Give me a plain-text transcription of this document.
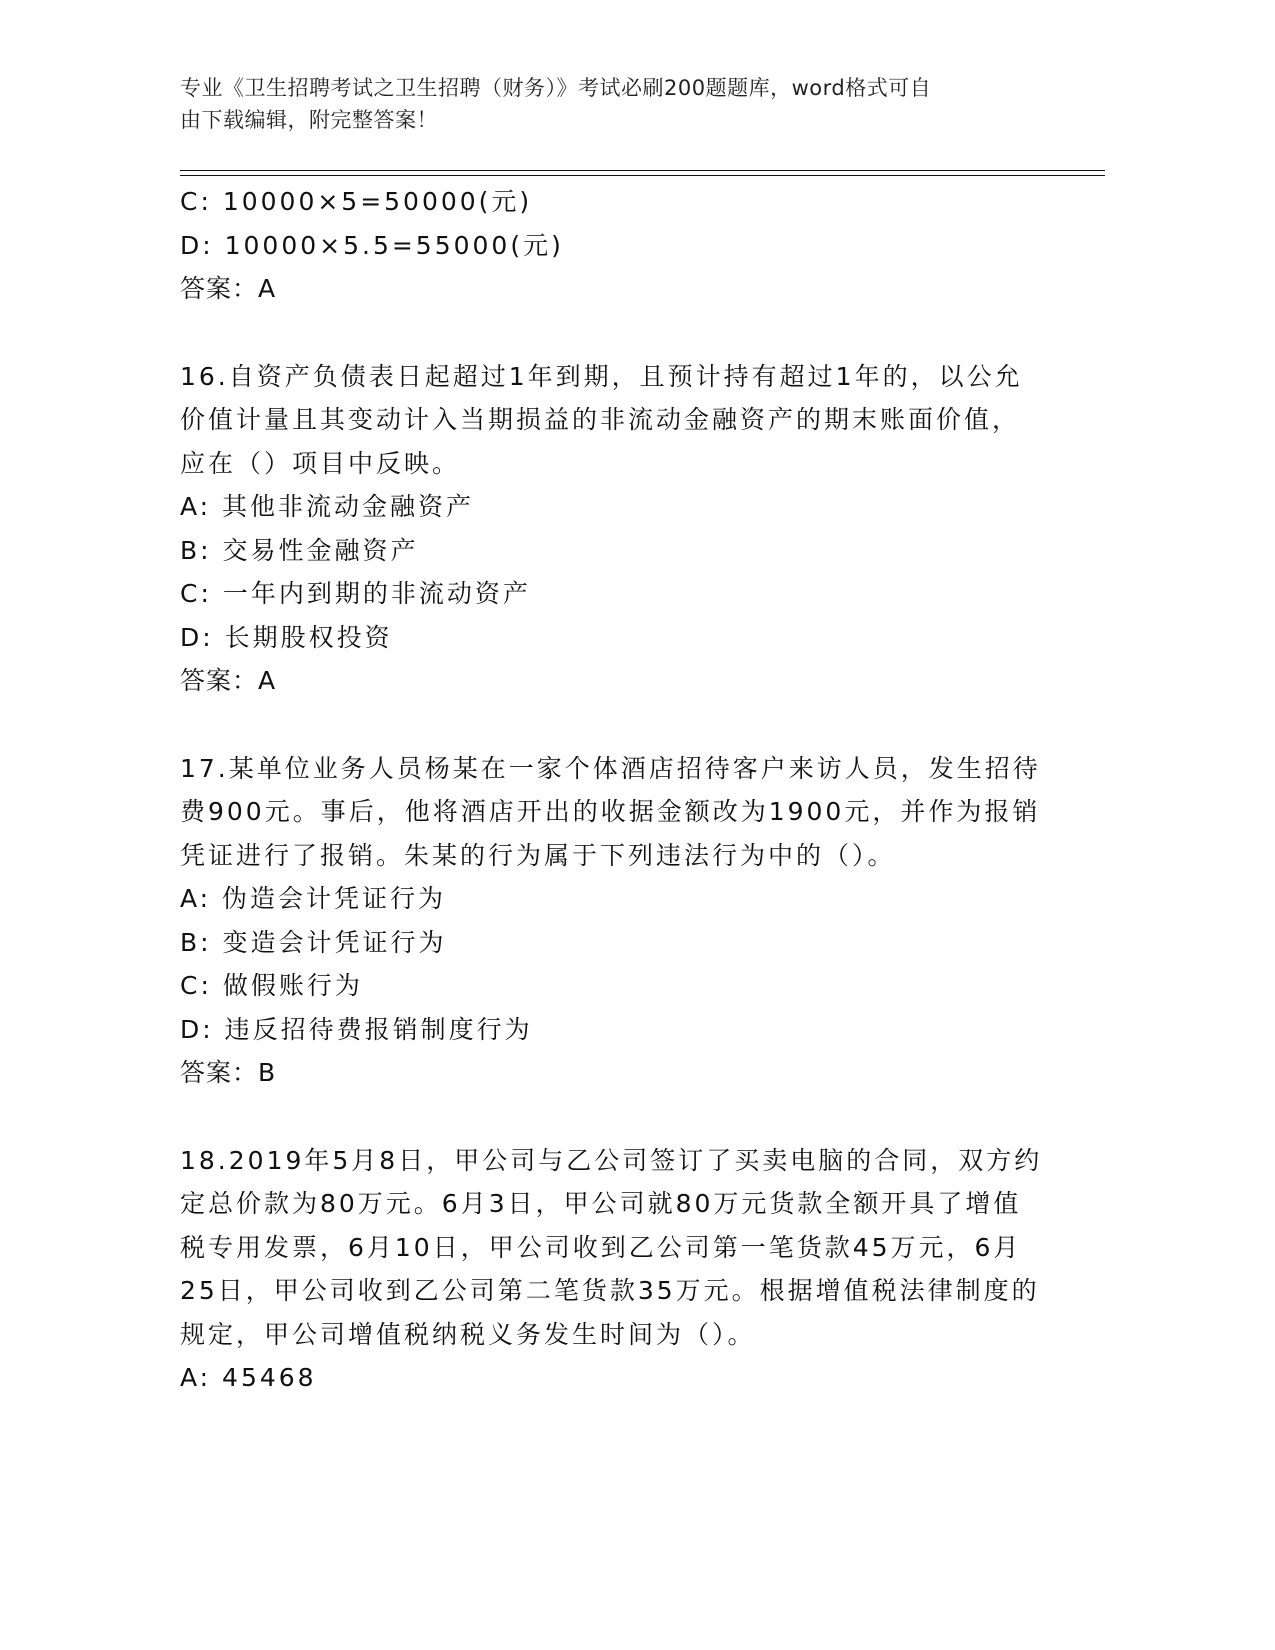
专业《卫生招聘考试之卫生招聘（财务）》考试必刷200题题库，word格式可自
由下载编辑，附完整答案！
C: 10000×5=50000(元)
D: 10000×5.5=55000(元)
答案：A
16.自资产负债表日起超过1年到期，且预计持有超过1年的，以公允
价值计量且其变动计入当期损益的非流动金融资产的期末账面价值，
应在（）项目中反映。
A: 其他非流动金融资产
B: 交易性金融资产
C: 一年内到期的非流动资产
D: 长期股权投资
答案：A
17.某单位业务人员杨某在一家个体酒店招待客户来访人员，发生招待
费900元。事后，他将酒店开出的收据金额改为1900元，并作为报销
凭证进行了报销。朱某的行为属于下列违法行为中的（）。
A: 伪造会计凭证行为
B: 变造会计凭证行为
C: 做假账行为
D: 违反招待费报销制度行为
答案：B
18.2019年5月8日，甲公司与乙公司签订了买卖电脑的合同，双方约
定总价款为80万元。6月3日，甲公司就80万元货款全额开具了增值
税专用发票，6月10日，甲公司收到乙公司第一笔货款45万元，6月
25日，甲公司收到乙公司第二笔货款35万元。根据增值税法律制度的
规定，甲公司增值税纳税义务发生时间为（）。
A: 45468
